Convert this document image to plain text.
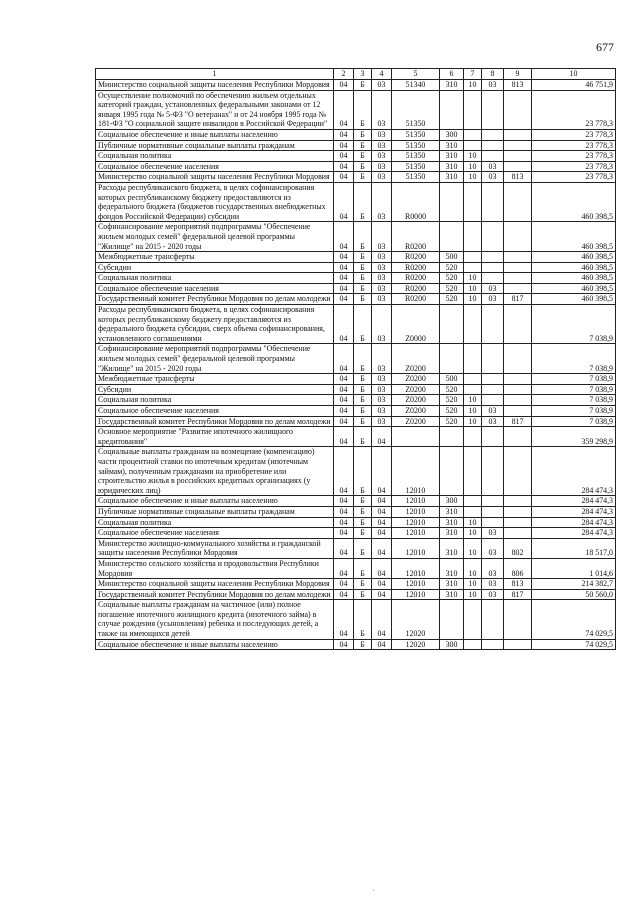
677
1	2	3	4	5	6	7	8	9	10
Министерство социальной защиты населения Республики Мордовия	04	Б	03	51340	310	10	03	813	46 751,9
Осуществление полномочий по обеспечению жильем отдельных категорий граждан, установленных федеральными законами от 12 января 1995 года № 5-ФЗ "О ветеранах" и от 24 ноября 1995 года № 181-ФЗ "О социальной защите инвалидов в Российской Федерации"	04	Б	03	51350					23 778,3
Социальное обеспечение и иные выплаты населению	04	Б	03	51350	300				23 778,3
Публичные нормативные социальные выплаты гражданам	04	Б	03	51350	310				23 778,3
Социальная политика	04	Б	03	51350	310	10			23 778,3
Социальное обеспечение населения	04	Б	03	51350	310	10	03		23 778,3
Министерство социальной защиты населения Республики Мордовия	04	Б	03	51350	310	10	03	813	23 778,3
Расходы республиканского бюджета, в целях софинансирования которых республиканскому бюджету предоставляются из федерального бюджета (бюджетов государственных внебюджетных фондов Российской Федерации) субсидии	04	Б	03	R0000					460 398,5
Софинансирование мероприятий подпрограммы "Обеспечение жильем молодых семей" федеральной целевой программы "Жилище" на 2015 - 2020 годы	04	Б	03	R0200					460 398,5
Межбюджетные трансферты	04	Б	03	R0200	500				460 398,5
Субсидии	04	Б	03	R0200	520				460 398,5
Социальная политика	04	Б	03	R0200	520	10			460 398,5
Социальное обеспечение населения	04	Б	03	R0200	520	10	03		460 398,5
Государственный комитет Республики Мордовия по делам молодежи	04	Б	03	R0200	520	10	03	817	460 398,5
Расходы республиканского бюджета, в целях софинансирования которых республиканскому бюджету предоставляются из федерального бюджета субсидии, сверх объема софинансирования, установленного соглашениями	04	Б	03	Z0000					7 038,9
Софинансирование мероприятий подпрограммы "Обеспечение жильем молодых семей" федеральной целевой программы "Жилище" на 2015 - 2020 годы	04	Б	03	Z0200					7 038,9
Межбюджетные трансферты	04	Б	03	Z0200	500				7 038,9
Субсидии	04	Б	03	Z0200	520				7 038,9
Социальная политика	04	Б	03	Z0200	520	10			7 038,9
Социальное обеспечение населения	04	Б	03	Z0200	520	10	03		7 038,9
Государственный комитет Республики Мордовия по делам молодежи	04	Б	03	Z0200	520	10	03	817	7 038,9
Основное мероприятие "Развитие ипотечного жилищного кредитования"	04	Б	04						359 298,9
Социальные выплаты гражданам на возмещение (компенсацию) части процентной ставки по ипотечным кредитам (ипотечным займам), полученным гражданами на приобретение или строительство жилья в российских кредитных организациях (у юридических лиц)	04	Б	04	12010					284 474,3
Социальное обеспечение и иные выплаты населению	04	Б	04	12010	300				284 474,3
Публичные нормативные социальные выплаты гражданам	04	Б	04	12010	310				284 474,3
Социальная политика	04	Б	04	12010	310	10			284 474,3
Социальное обеспечение населения	04	Б	04	12010	310	10	03		284 474,3
Министерство жилищно-коммунального хозяйства и гражданской защиты населения Республики Мордовия	04	Б	04	12010	310	10	03	802	18 517,0
Министерство сельского хозяйства и продовольствия Республики Мордовия	04	Б	04	12010	310	10	03	806	1 014,6
Министерство социальной защиты населения Республики Мордовия	04	Б	04	12010	310	10	03	813	214 382,7
Государственный комитет Республики Мордовия по делам молодежи	04	Б	04	12010	310	10	03	817	50 560,0
Социальные выплаты гражданам на частичное (или) полное погашение ипотечного жилищного кредита (ипотечного займа) в случае рождения (усыновления) ребенка и последующих детей, а также на имеющихся детей	04	Б	04	12020					74 029,5
Социальное обеспечение и иные выплаты населению	04	Б	04	12020	300				74 029,5
·
